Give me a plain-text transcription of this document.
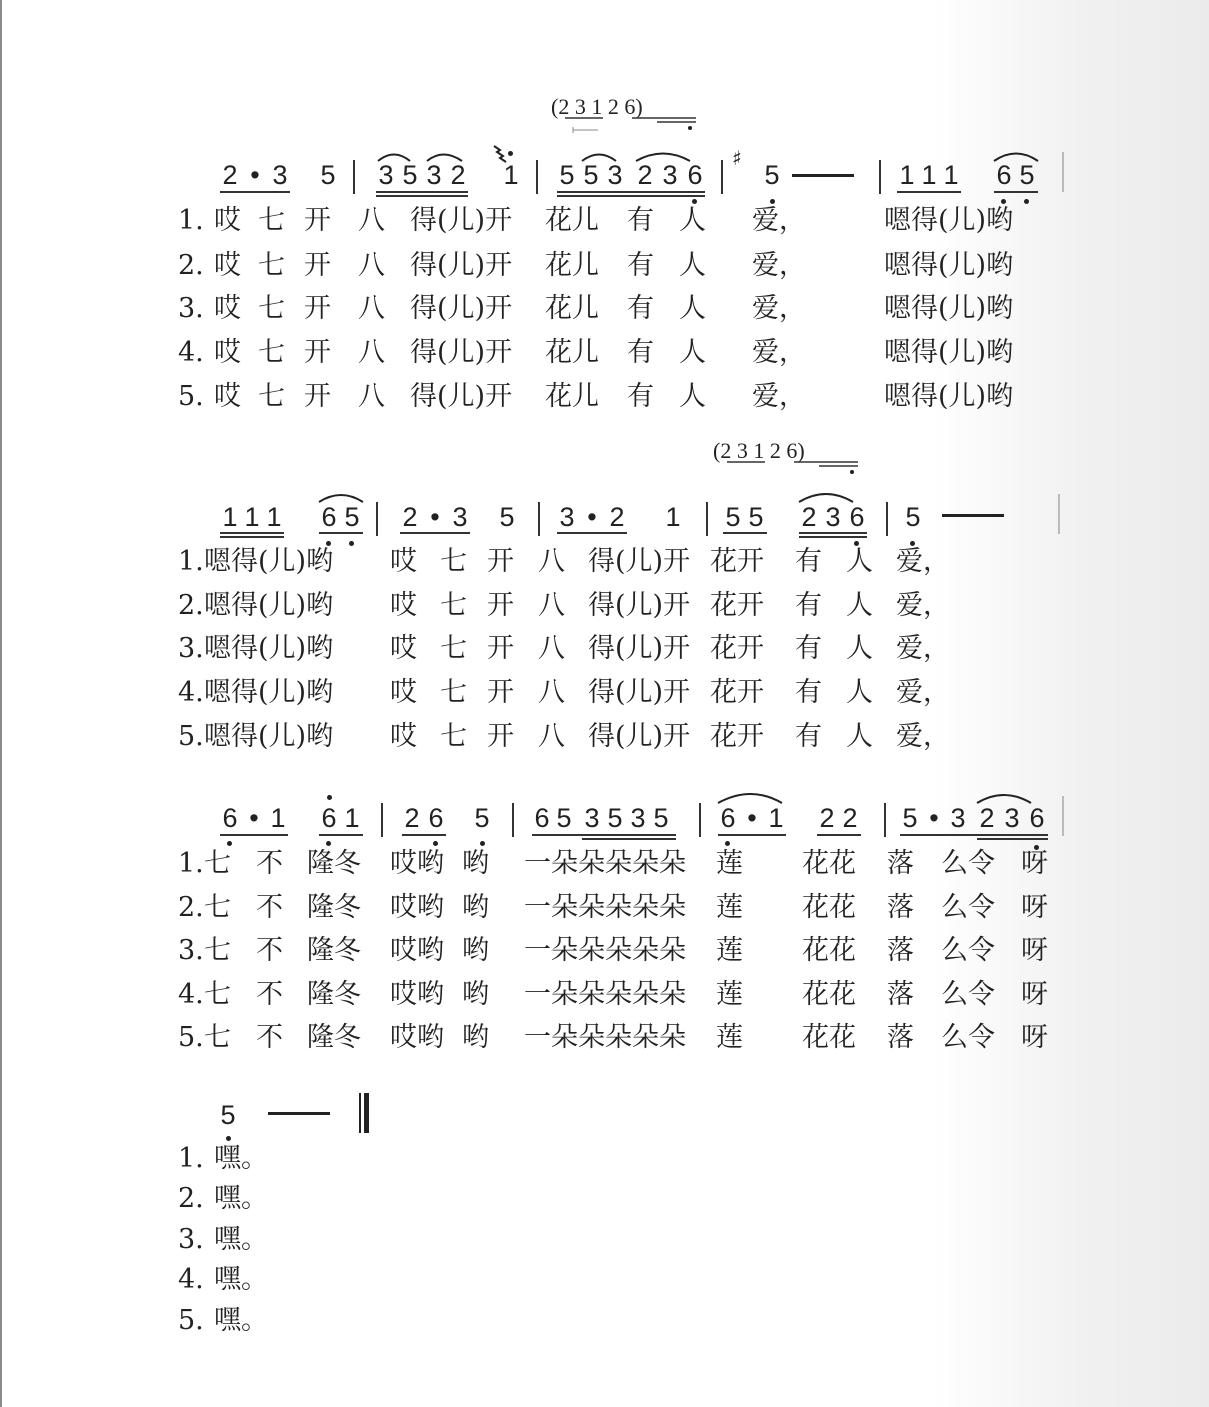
(2 3 1 2 6)
2 • 3 5 3 5 3 2 1 5 5 3 2 3 6
♯
5	1 1 1 6 5
1. 哎 七 开 八 得(儿)开 花儿 有 人 爱，	嗯得(儿)哟
2. 哎 七 开 八 得(儿)开 花儿 有 人 爱，	嗯得(儿)哟
3. 哎 七 开 八 得(儿)开 花儿 有 人 爱，	嗯得(儿)哟
4. 哎 七 开 八 得(儿)开 花儿 有 人 爱，	嗯得(儿)哟
5. 哎 七 开 八 得(儿)开 花儿 有 人 爱，	嗯得(儿)哟
(2 3 1 2 6)
1 1 1 6 5 2 • 3 5 3 • 2 1 5 5 2 3 6 5
1. 嗯得(儿)哟 哎 七 开 八 得(儿)开 花开 有 人 爱，
2. 嗯得(儿)哟 哎 七 开 八 得(儿)开 花开 有 人 爱，
3. 嗯得(儿)哟 哎 七 开 八 得(儿)开 花开 有 人 爱，
4. 嗯得(儿)哟 哎 七 开 八 得(儿)开 花开 有 人 爱，
5. 嗯得(儿)哟 哎 七 开 八 得(儿)开 花开 有 人 爱，
6 • 1 6 1 2 6 5 6 5 3 5 3 5 6 • 1 2 2 5 • 3 2 3 6
1. 七 不 隆冬 哎哟 哟 一朵朵朵朵朵 莲 花花 落 么令 呀
2. 七 不 隆冬 哎哟 哟 一朵朵朵朵朵 莲 花花 落 么令 呀
3. 七 不 隆冬 哎哟 哟 一朵朵朵朵朵 莲 花花 落 么令 呀
4. 七 不 隆冬 哎哟 哟 一朵朵朵朵朵 莲 花花 落 么令 呀
5. 七 不 隆冬 哎哟 哟 一朵朵朵朵朵 莲 花花 落 么令 呀
5
1. 嘿。
2. 嘿。
3. 嘿。
4. 嘿。
5. 嘿。
